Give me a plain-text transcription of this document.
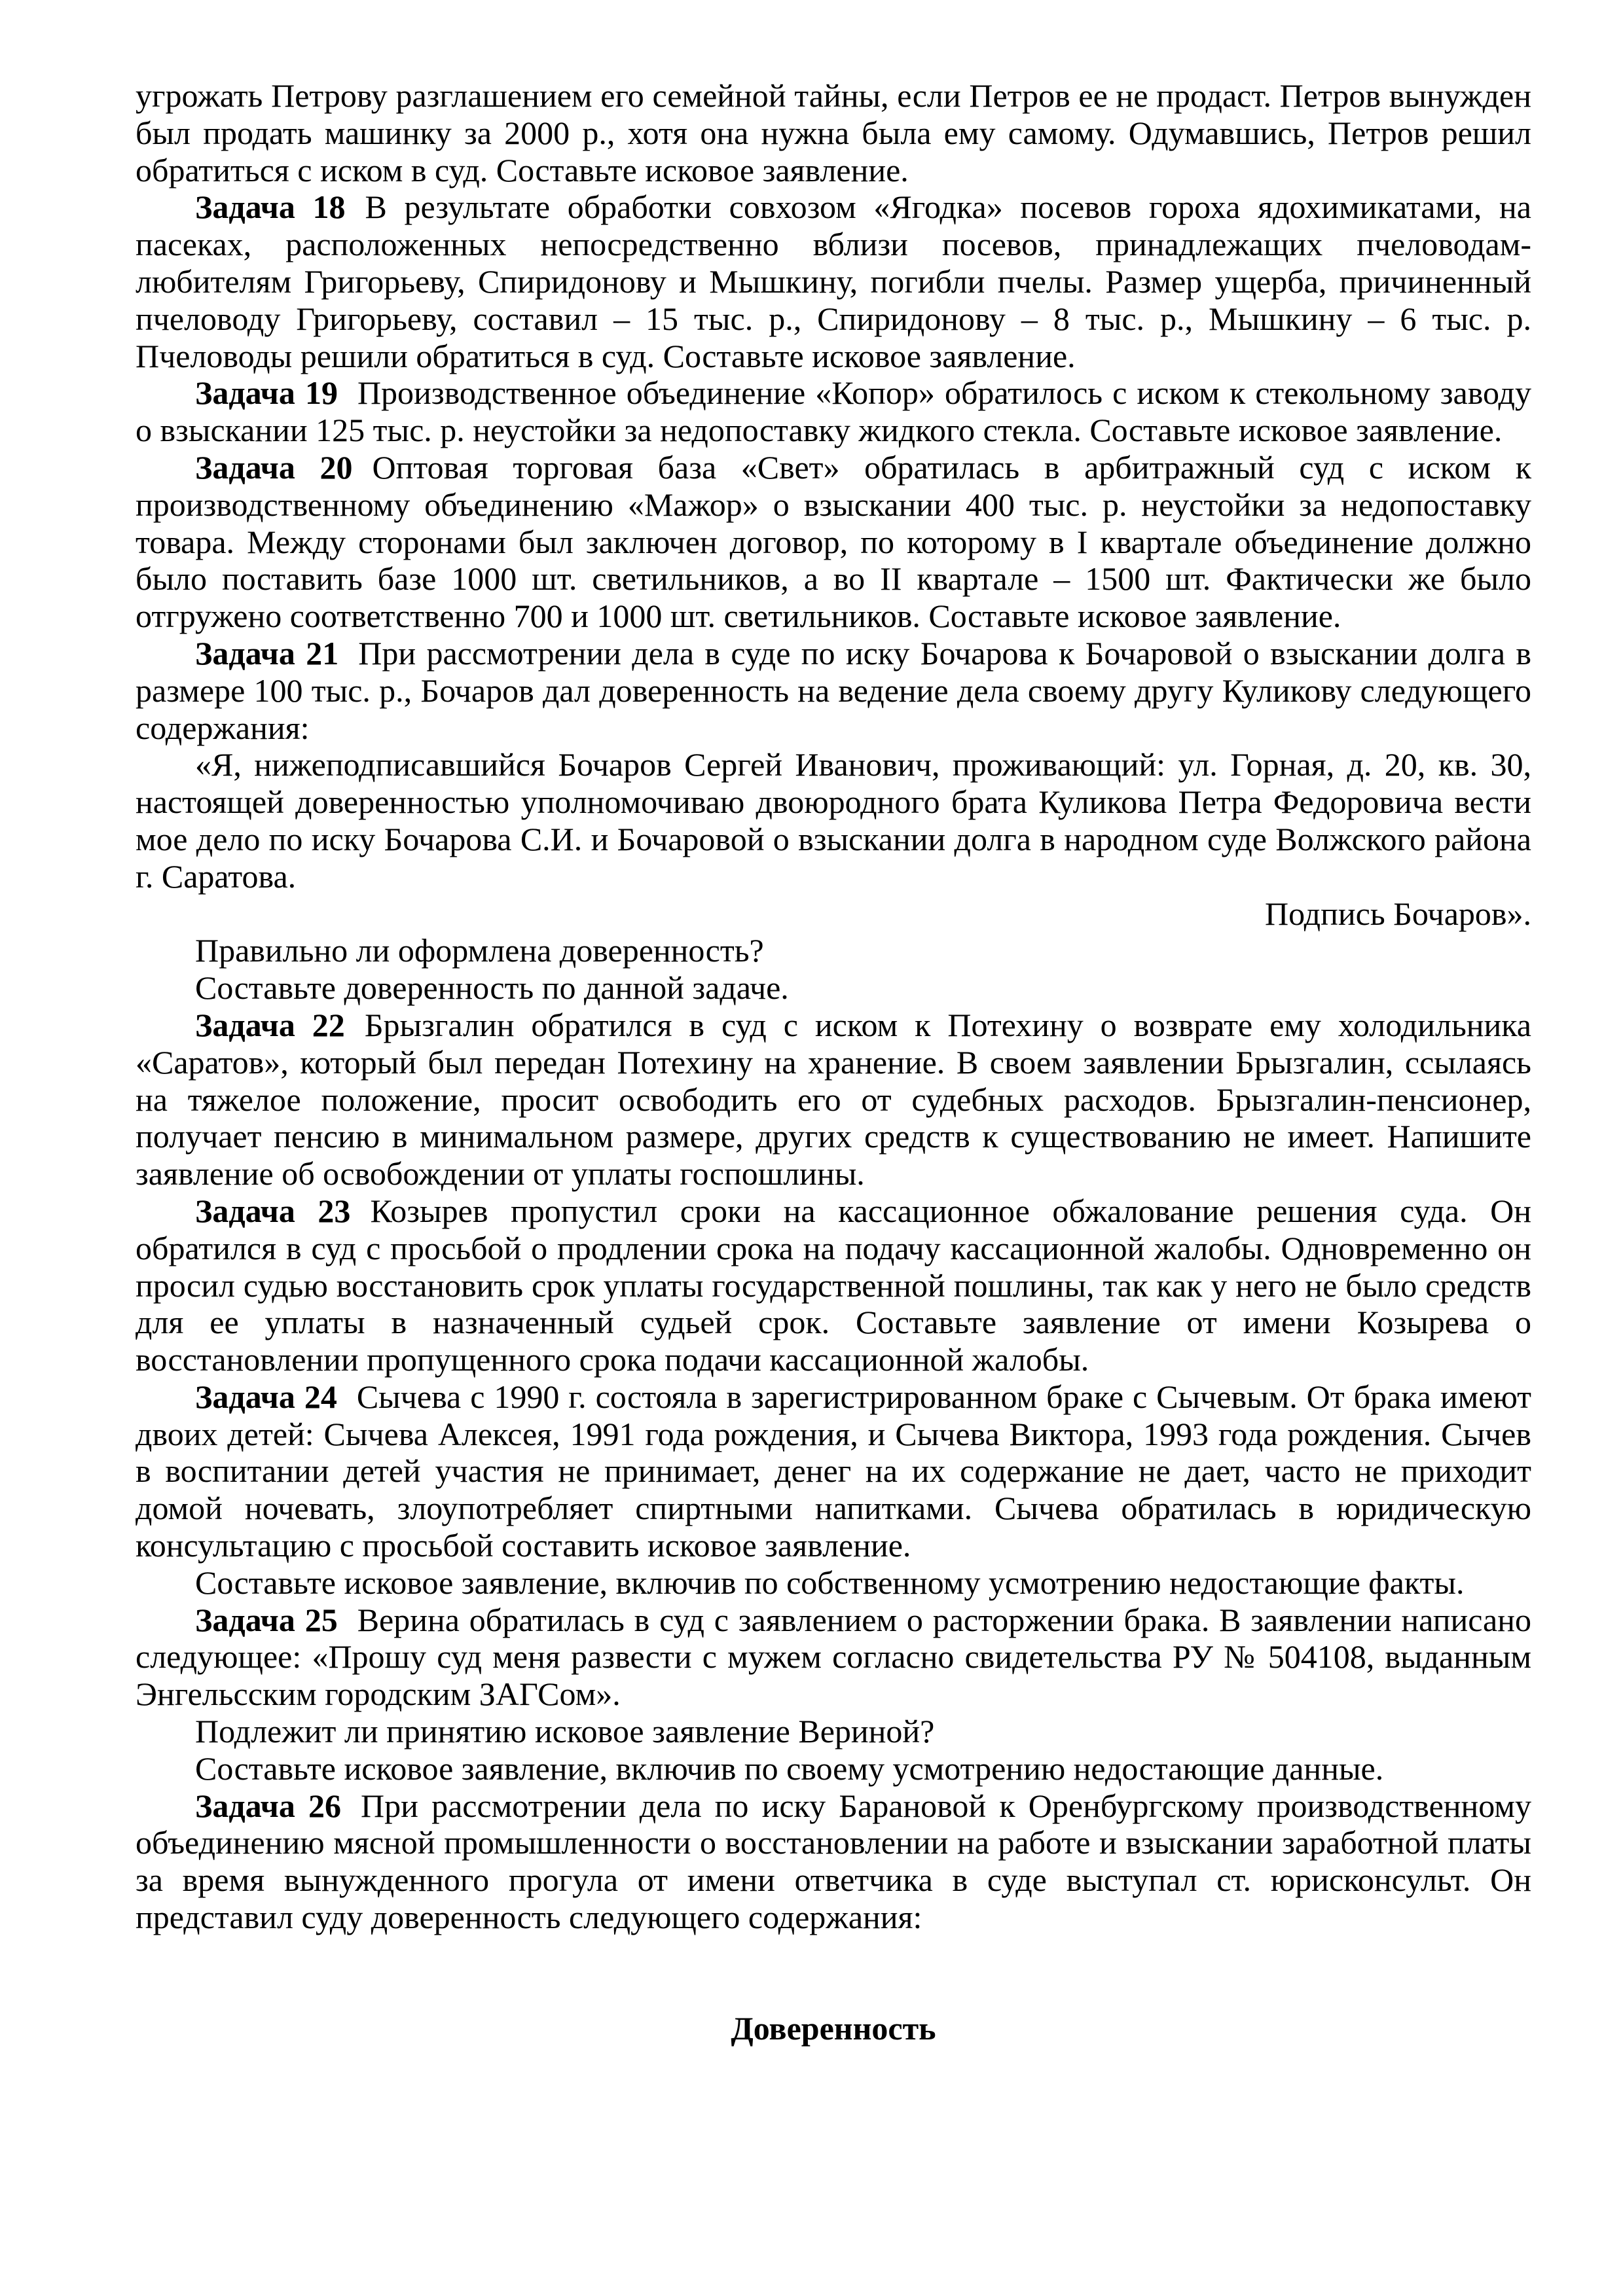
угрожать Петрову разглашением его семейной тайны, если Петров ее не продаст. Петров вынужден был продать машинку за 2000 р., хотя она нужна была ему самому. Одумавшись, Петров решил обратиться с иском в суд. Составьте исковое заявление.

Задача 18 В результате обработки совхозом «Ягодка» посевов гороха ядохимикатами, на пасеках, расположенных непосредственно вблизи посевов, принадлежащих пчеловодам-любителям Григорьеву, Спиридонову и Мышкину, погибли пчелы. Размер ущерба, причиненный пчеловоду Григорьеву, составил – 15 тыс. р., Спиридонову – 8 тыс. р., Мышкину – 6 тыс. р. Пчеловоды решили обратиться в суд. Составьте исковое заявление.

Задача 19 Производственное объединение «Копор» обратилось с иском к стекольному заводу о взыскании 125 тыс. р. неустойки за недопоставку жидкого стекла. Составьте исковое заявление.

Задача 20 Оптовая торговая база «Свет» обратилась в арбитражный суд с иском к производственному объединению «Мажор» о взыскании 400 тыс. р. неустойки за недопоставку товара. Между сторонами был заключен договор, по которому в I квартале объединение должно было поставить базе 1000 шт. светильников, а во II квартале – 1500 шт. Фактически же было отгружено соответственно 700 и 1000 шт. светильников. Составьте исковое заявление.

Задача 21 При рассмотрении дела в суде по иску Бочарова к Бочаровой о взыскании долга в размере 100 тыс. р., Бочаров дал доверенность на ведение дела своему другу Куликову следующего содержания:

«Я, нижеподписавшийся Бочаров Сергей Иванович, проживающий: ул. Горная, д. 20, кв. 30, настоящей доверенностью уполномочиваю двоюродного брата Куликова Петра Федоровича вести мое дело по иску Бочарова С.И. и Бочаровой о взыскании долга в народном суде Волжского района г. Саратова.

Подпись Бочаров».

Правильно ли оформлена доверенность?

Составьте доверенность по данной задаче.

Задача 22 Брызгалин обратился в суд с иском к Потехину о возврате ему холодильника «Саратов», который был передан Потехину на хранение. В своем заявлении Брызгалин, ссылаясь на тяжелое положение, просит освободить его от судебных расходов. Брызгалин-пенсионер, получает пенсию в минимальном размере, других средств к существованию не имеет. Напишите заявление об освобождении от уплаты госпошлины.

Задача 23 Козырев пропустил сроки на кассационное обжалование решения суда. Он обратился в суд с просьбой о продлении срока на подачу кассационной жалобы. Одновременно он просил судью восстановить срок уплаты государственной пошлины, так как у него не было средств для ее уплаты в назначенный судьей срок. Составьте заявление от имени Козырева о восстановлении пропущенного срока подачи кассационной жалобы.

Задача 24 Сычева с 1990 г. состояла в зарегистрированном браке с Сычевым. От брака имеют двоих детей: Сычева Алексея, 1991 года рождения, и Сычева Виктора, 1993 года рождения. Сычев в воспитании детей участия не принимает, денег на их содержание не дает, часто не приходит домой ночевать, злоупотребляет спиртными напитками. Сычева обратилась в юридическую консультацию с просьбой составить исковое заявление.

Составьте исковое заявление, включив по собственному усмотрению недостающие факты.

Задача 25 Верина обратилась в суд с заявлением о расторжении брака. В заявлении написано следующее: «Прошу суд меня развести с мужем согласно свидетельства РУ № 504108, выданным Энгельсским городским ЗАГСом».

Подлежит ли принятию исковое заявление Вериной?

Составьте исковое заявление, включив по своему усмотрению недостающие данные.

Задача 26 При рассмотрении дела по иску Барановой к Оренбургскому производственному объединению мясной промышленности о восстановлении на работе и взыскании заработной платы за время вынужденного прогула от имени ответчика в суде выступал ст. юрисконсульт. Он представил суду доверенность следующего содержания:

Доверенность
